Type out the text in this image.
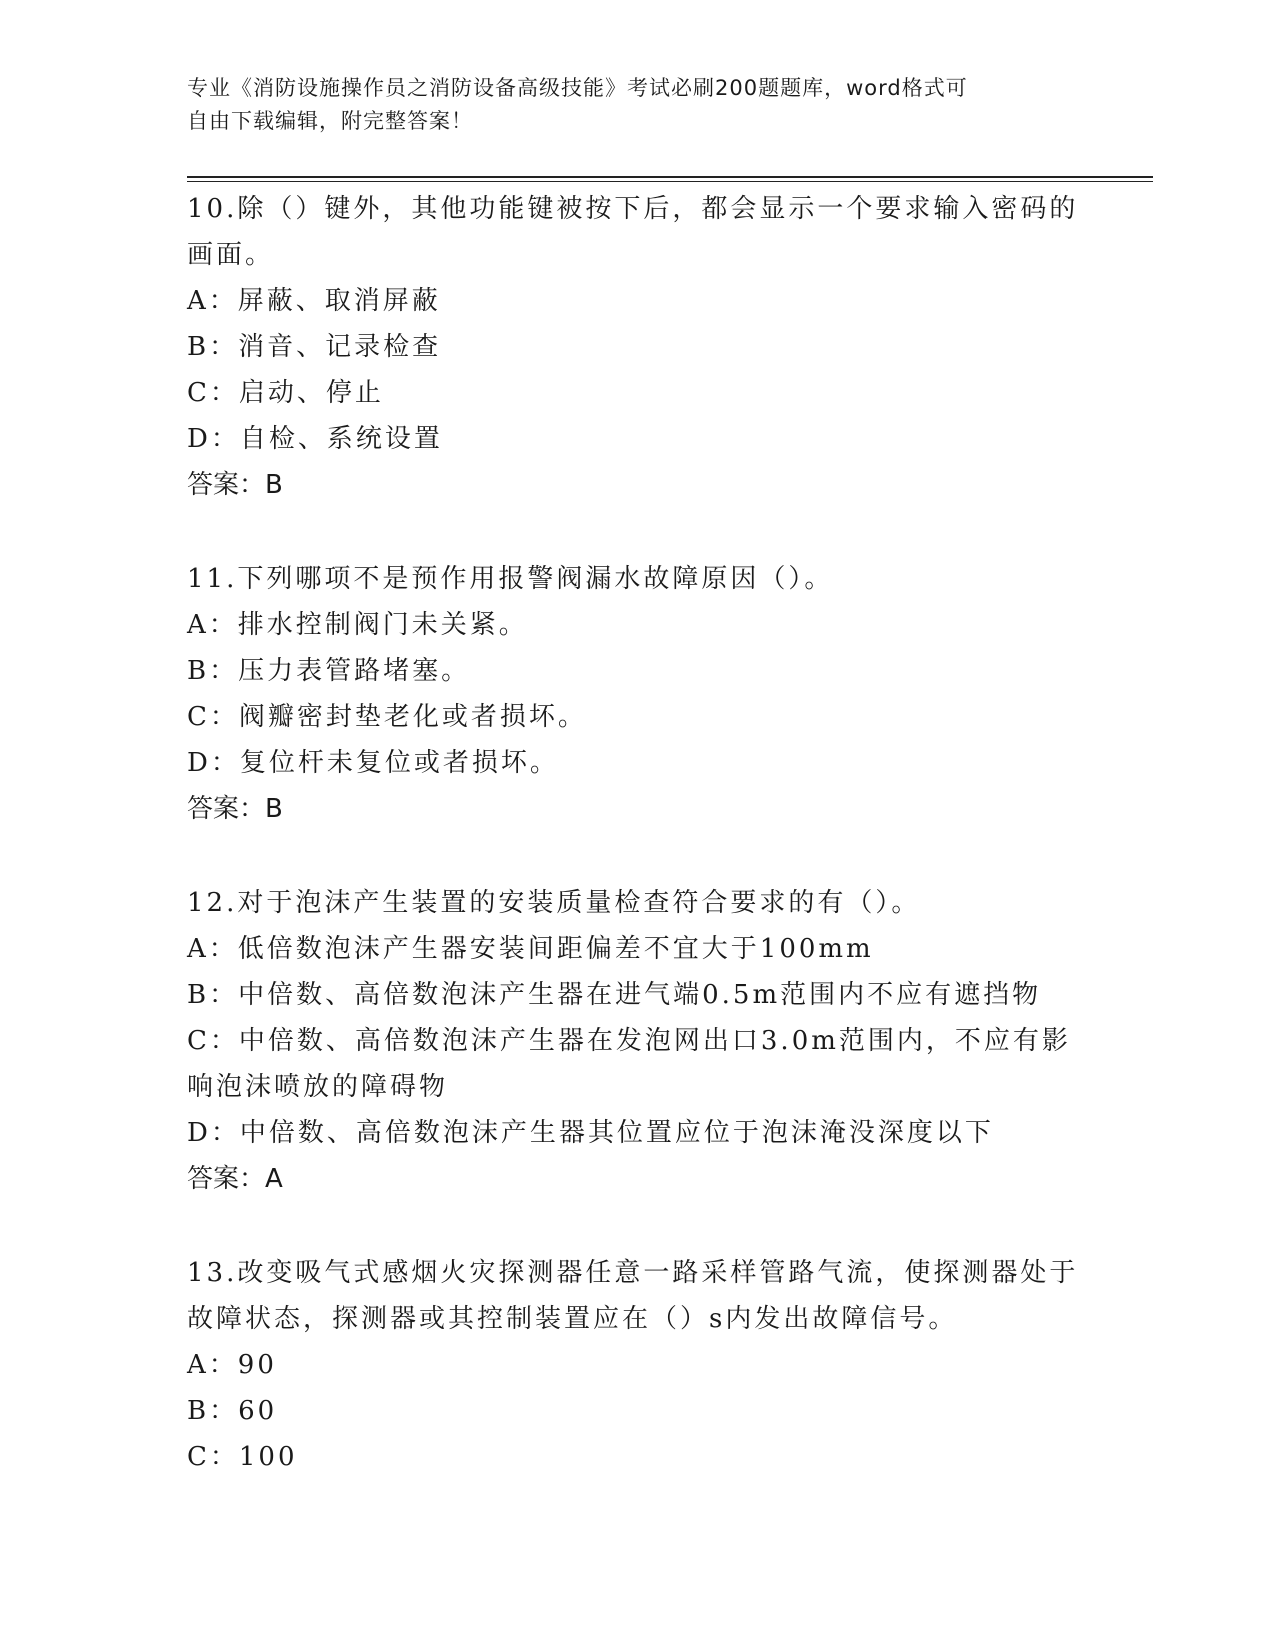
专业《消防设施操作员之消防设备高级技能》考试必刷200题题库，word格式可
自由下载编辑，附完整答案！

10.除（）键外，其他功能键被按下后，都会显示一个要求输入密码的

画面。

A：屏蔽、取消屏蔽

B：消音、记录检查

C：启动、停止

D：自检、系统设置

答案：B

11.下列哪项不是预作用报警阀漏水故障原因（）。

A：排水控制阀门未关紧。

B：压力表管路堵塞。

C：阀瓣密封垫老化或者损坏。

D：复位杆未复位或者损坏。

答案：B

12.对于泡沫产生装置的安装质量检查符合要求的有（）。

A：低倍数泡沫产生器安装间距偏差不宜大于100mm

B：中倍数、高倍数泡沫产生器在进气端0.5m范围内不应有遮挡物

C：中倍数、高倍数泡沫产生器在发泡网出口3.0m范围内，不应有影

响泡沫喷放的障碍物

D：中倍数、高倍数泡沫产生器其位置应位于泡沫淹没深度以下

答案：A

13.改变吸气式感烟火灾探测器任意一路采样管路气流，使探测器处于

故障状态，探测器或其控制装置应在（）s内发出故障信号。

A：90

B：60

C：100
